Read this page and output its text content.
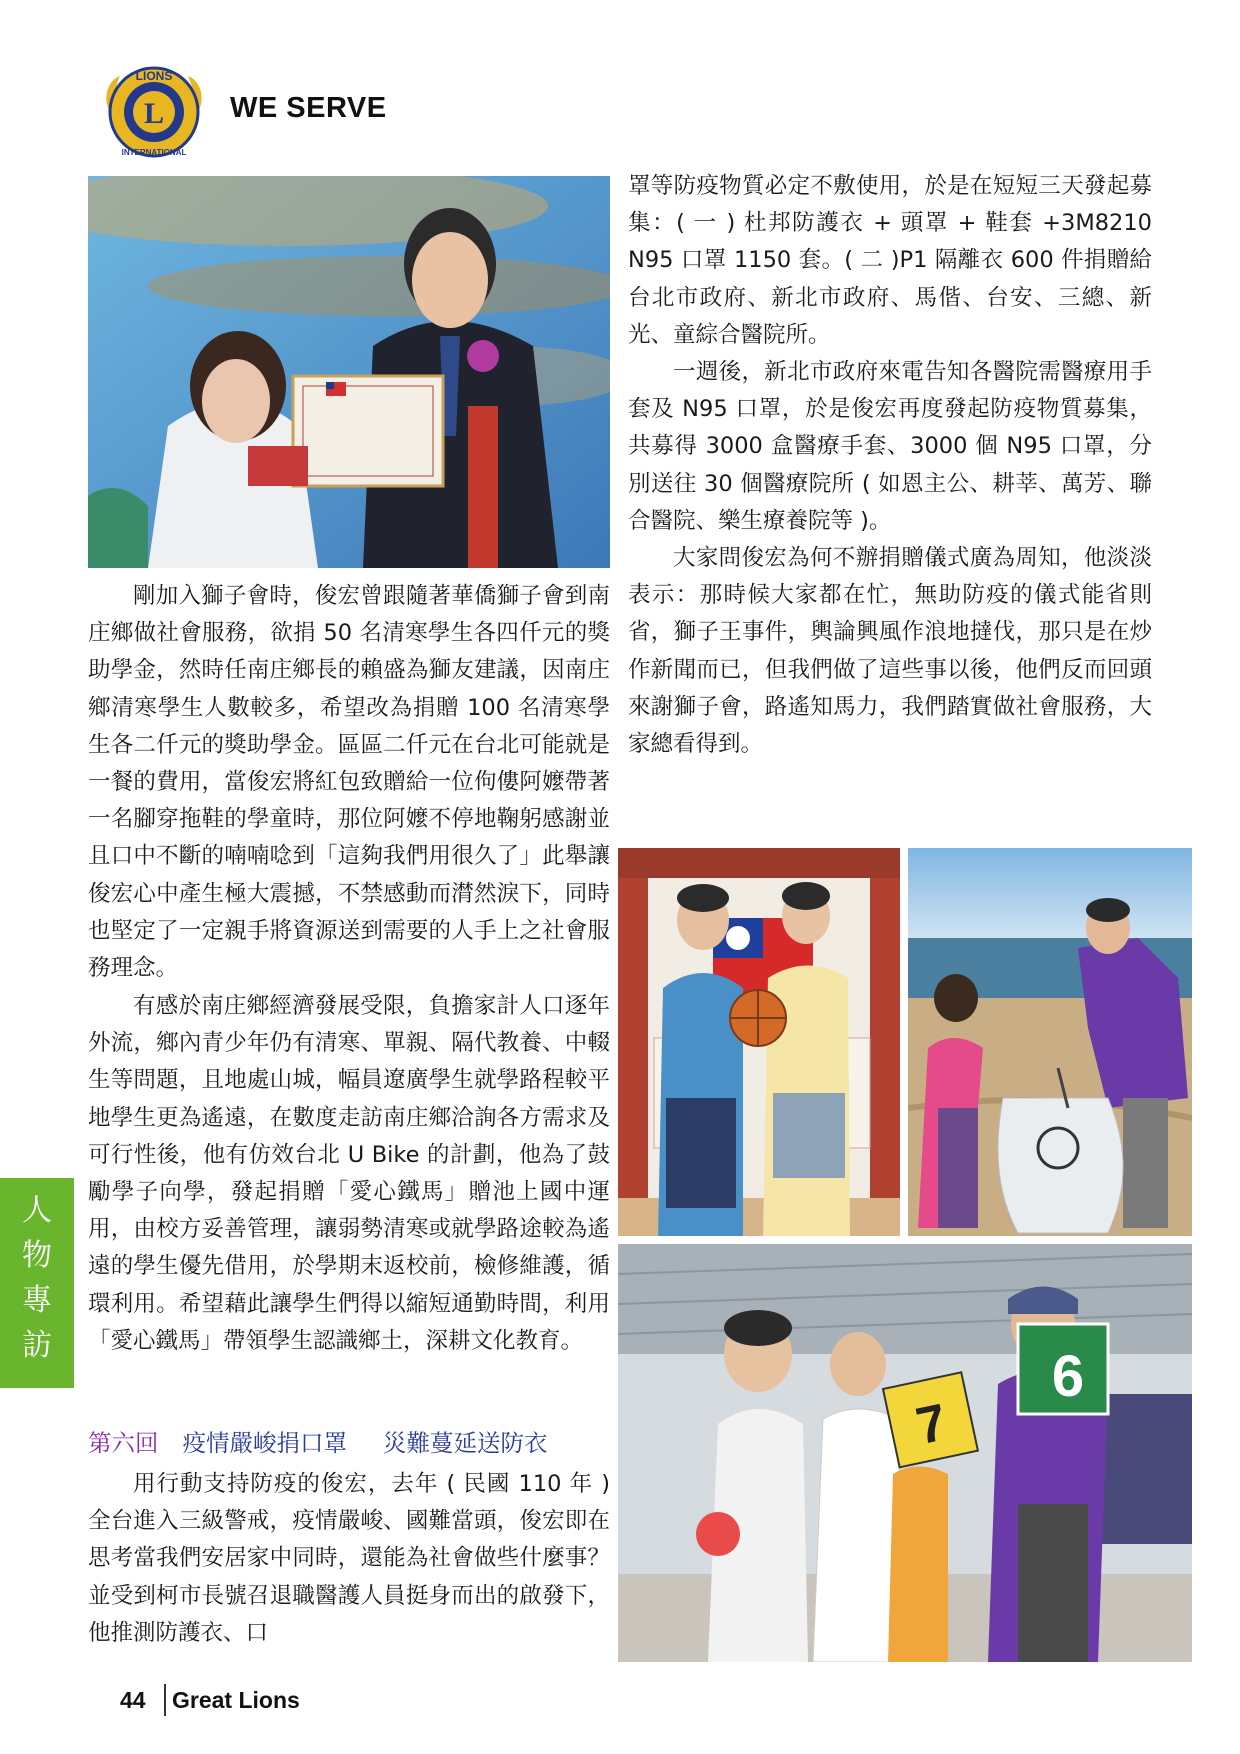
LIONS
INTERNATIONAL
L WE SERVE

罩等防疫物質必定不敷使用，於是在短短三天發起募集：( 一 ) 杜邦防護衣 + 頭罩 + 鞋套 +3M8210 N95 口罩 1150 套。( 二 )P1 隔離衣 600 件捐贈給台北市政府、新北市政府、馬偕、台安、三總、新光、童綜合醫院所。

一週後，新北市政府來電告知各醫院需醫療用手套及 N95 口罩，於是俊宏再度發起防疫物質募集，共募得 3000 盒醫療手套、3000 個 N95 口罩，分別送往 30 個醫療院所 ( 如恩主公、耕莘、萬芳、聯合醫院、樂生療養院等 )。

大家問俊宏為何不辦捐贈儀式廣為周知，他淡淡表示：那時候大家都在忙，無助防疫的儀式能省則省，獅子王事件，輿論興風作浪地撻伐，那只是在炒作新聞而已，但我們做了這些事以後，他們反而回頭來謝獅子會，路遙知馬力，我們踏實做社會服務，大家總看得到。

剛加入獅子會時，俊宏曾跟隨著華僑獅子會到南庄鄉做社會服務，欲捐 50 名清寒學生各四仟元的獎助學金，然時任南庄鄉長的賴盛為獅友建議，因南庄鄉清寒學生人數較多，希望改為捐贈 100 名清寒學生各二仟元的獎助學金。區區二仟元在台北可能就是一餐的費用，當俊宏將紅包致贈給一位佝僂阿嬤帶著一名腳穿拖鞋的學童時，那位阿嬤不停地鞠躬感謝並且口中不斷的喃喃唸到「這夠我們用很久了」此舉讓俊宏心中產生極大震撼，不禁感動而潸然淚下，同時也堅定了一定親手將資源送到需要的人手上之社會服務理念。

有感於南庄鄉經濟發展受限，負擔家計人口逐年外流，鄉內青少年仍有清寒、單親、隔代教養、中輟生等問題，且地處山城，幅員遼廣學生就學路程較平地學生更為遙遠，在數度走訪南庄鄉洽詢各方需求及可行性後，他有仿效台北 U Bike 的計劃，他為了鼓勵學子向學，發起捐贈「愛心鐵馬」贈池上國中運用，由校方妥善管理，讓弱勢清寒或就學路途較為遙遠的學生優先借用，於學期末返校前，檢修維護，循環利用。希望藉此讓學生們得以縮短通勤時間，利用「愛心鐵馬」帶領學生認識鄉土，深耕文化教育。

第六回 疫情嚴峻捐口罩 災難蔓延送防衣

用行動支持防疫的俊宏，去年 ( 民國 110 年 ) 全台進入三級警戒，疫情嚴峻、國難當頭，俊宏即在思考當我們安居家中同時，還能為社會做些什麼事？並受到柯市長號召退職醫護人員挺身而出的啟發下，他推測防護衣、口

人
物
專
訪
7
6
44 Great Lions
